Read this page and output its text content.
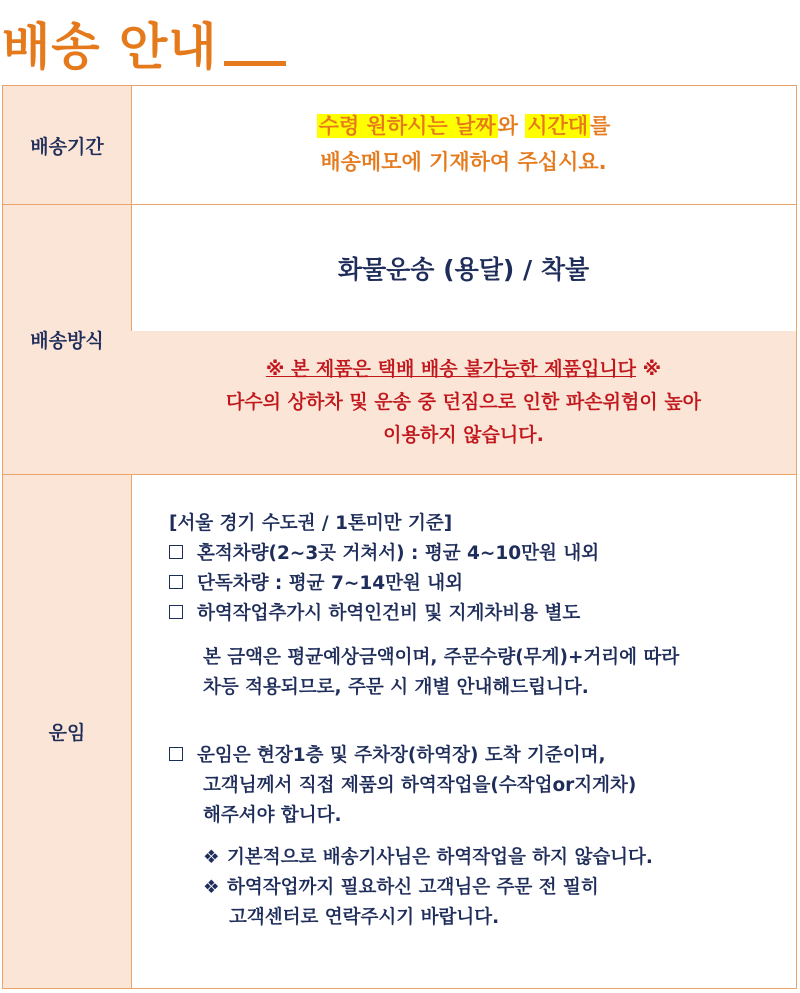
배송 안내
배송기간
수령 원하시는 날짜와 시간대를
배송메모에 기재하여 주십시요.
배송방식
화물운송 (용달) / 착불
※ 본 제품은 택배 배송 불가능한 제품입니다 ※
다수의 상하차 및 운송 중 던짐으로 인한 파손위험이 높아
이용하지 않습니다.
운임
[서울 경기 수도권 / 1톤미만 기준]
혼적차량(2~3곳 거쳐서) : 평균 4~10만원 내외
단독차량 : 평균 7~14만원 내외
하역작업추가시 하역인건비 및 지게차비용 별도
본 금액은 평균예상금액이며, 주문수량(무게)+거리에 따라
차등 적용되므로, 주문 시 개별 안내해드립니다.
운임은 현장1층 및 주차장(하역장) 도착 기준이며,
고객님께서 직접 제품의 하역작업을(수작업or지게차)
해주셔야 합니다.
❖ 기본적으로 배송기사님은 하역작업을 하지 않습니다.
❖ 하역작업까지 필요하신 고객님은 주문 전 필히
고객센터로 연락주시기 바랍니다.
